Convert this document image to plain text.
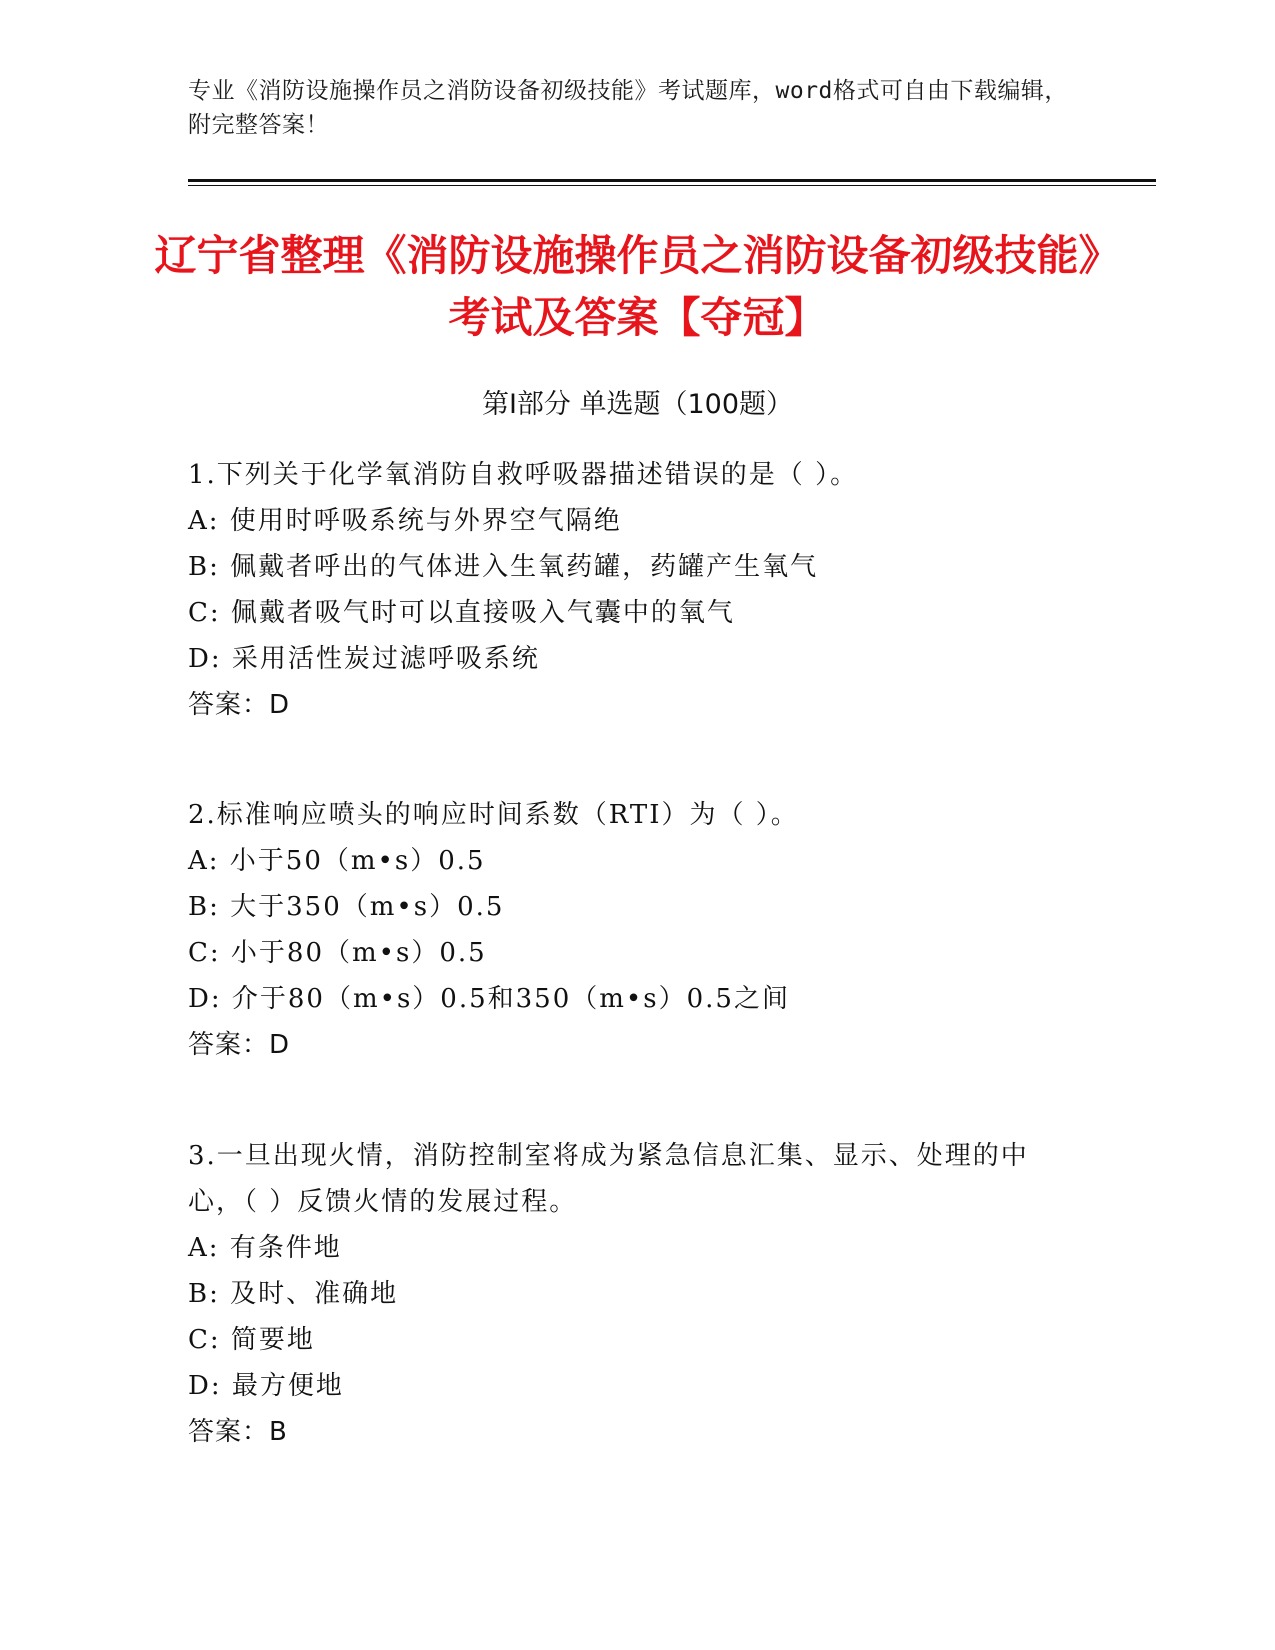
专业《消防设施操作员之消防设备初级技能》考试题库，word格式可自由下载编辑，附完整答案！
辽宁省整理《消防设施操作员之消防设备初级技能》考试及答案【夺冠】
第I部分 单选题（100题）
1.下列关于化学氧消防自救呼吸器描述错误的是（ ）。
A: 使用时呼吸系统与外界空气隔绝
B: 佩戴者呼出的气体进入生氧药罐，药罐产生氧气
C: 佩戴者吸气时可以直接吸入气囊中的氧气
D: 采用活性炭过滤呼吸系统
答案：D
2.标准响应喷头的响应时间系数（RTI）为（ ）。
A: 小于50（m•s）0.5
B: 大于350（m•s）0.5
C: 小于80（m•s）0.5
D: 介于80（m•s）0.5和350（m•s）0.5之间
答案：D
3.一旦出现火情，消防控制室将成为紧急信息汇集、显示、处理的中心，（ ）反馈火情的发展过程。
A: 有条件地
B: 及时、准确地
C: 简要地
D: 最方便地
答案：B
